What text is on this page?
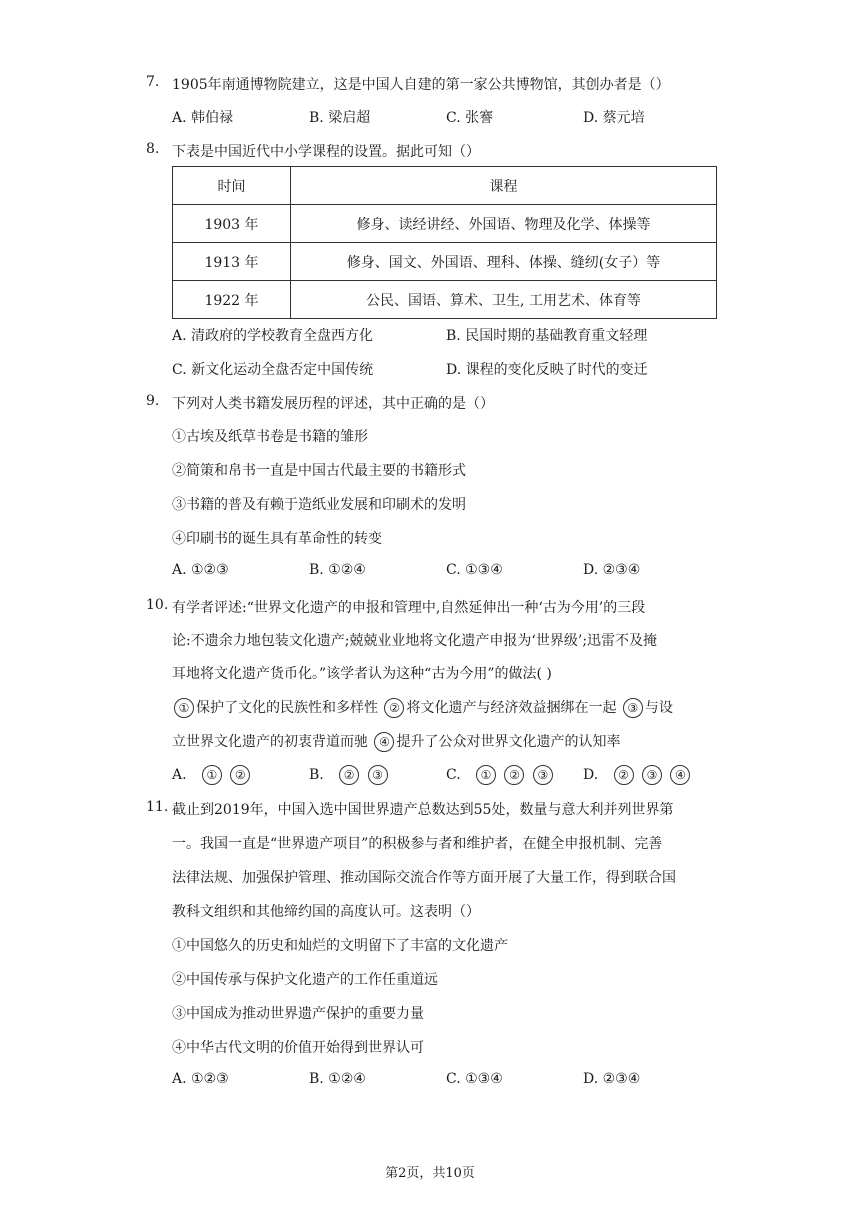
7. 1905年南通博物院建立，这是中国人自建的第一家公共博物馆，其创办者是（）
A. 韩伯禄	B. 梁启超	C. 张謇	D. 蔡元培
8. 下表是中国近代中小学课程的设置。据此可知（）
时间	课程
1903 年	修身、读经讲经、外国语、物理及化学、体操等
1913 年	修身、国文、外国语、理科、体操、缝纫(女子）等
1922 年	公民、国语、算术、卫生, 工用艺术、体育等
A. 清政府的学校教育全盘西方化	B. 民国时期的基础教育重文轻理
C. 新文化运动全盘否定中国传统	D. 课程的变化反映了时代的变迁
9. 下列对人类书籍发展历程的评述，其中正确的是（）
①古埃及纸草书卷是书籍的雏形
②简策和帛书一直是中国古代最主要的书籍形式
③书籍的普及有赖于造纸业发展和印刷术的发明
④印刷书的诞生具有革命性的转变
A. ①②③	B. ①②④	C. ①③④	D. ②③④
10. 有学者评述:“世界文化遗产的申报和管理中,自然延伸出一种‘古为今用’的三段
论:不遗余力地包装文化遗产;兢兢业业地将文化遗产申报为‘世界级’;迅雷不及掩
耳地将文化遗产货币化。”该学者认为这种“古为今用”的做法( )
① 保护了文化的民族性和多样性 ② 将文化遗产与经济效益捆绑在一起 ③ 与设
立世界文化遗产的初衷背道而驰 ④ 提升了公众对世界文化遗产的认知率
A. ① ②	B. ② ③	C. ① ② ③	D. ② ③ ④
11. 截止到2019年，中国入选中国世界遗产总数达到55处，数量与意大利并列世界第
一。我国一直是“世界遗产项目”的积极参与者和维护者，在健全申报机制、完善
法律法规、加强保护管理、推动国际交流合作等方面开展了大量工作，得到联合国
教科文组织和其他缔约国的高度认可。这表明（）
①中国悠久的历史和灿烂的文明留下了丰富的文化遗产
②中国传承与保护文化遗产的工作任重道远
③中国成为推动世界遗产保护的重要力量
④中华古代文明的价值开始得到世界认可
A. ①②③	B. ①②④	C. ①③④	D. ②③④
第2页，共10页
